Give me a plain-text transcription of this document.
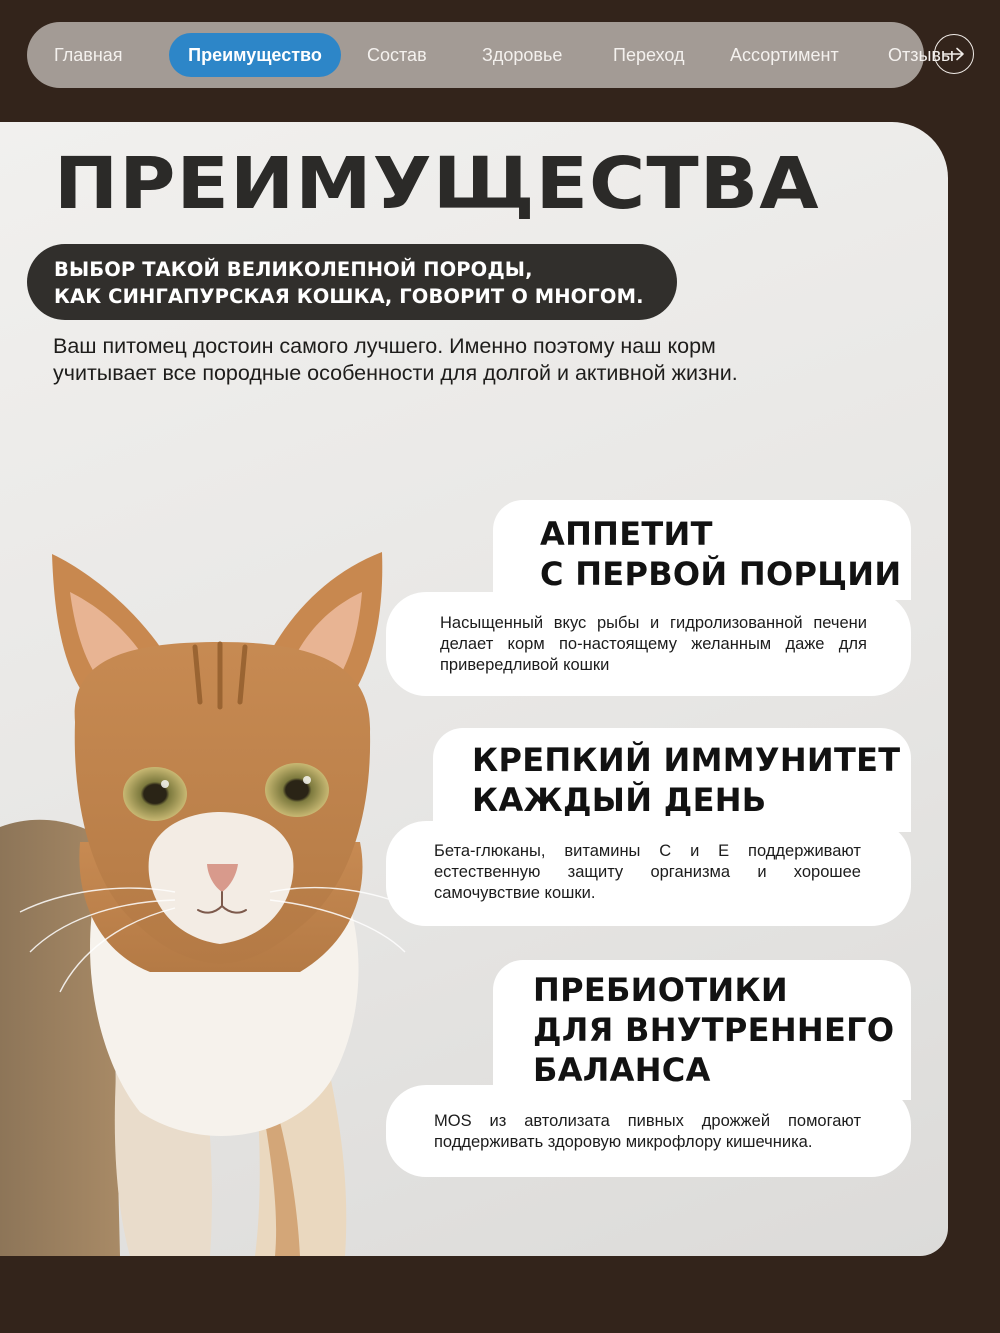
Главная	Преимущество	Состав	Здоровье	Переход	Ассортимент	Отзывы
ПРЕИМУЩЕСТВА
ВЫБОР ТАКОЙ ВЕЛИКОЛЕПНОЙ ПОРОДЫ,
КАК СИНГАПУРСКАЯ КОШКА, ГОВОРИТ О МНОГОМ.

Ваш питомец достоин самого лучшего. Именно поэтому наш корм
учитывает все породные особенности для долгой и активной жизни.

АППЕТИТ
С ПЕРВОЙ ПОРЦИИ

Насыщенный вкус рыбы и гидролизованной печени делает корм по-настоящему желанным даже для привередливой кошки

КРЕПКИЙ ИММУНИТЕТ
КАЖДЫЙ ДЕНЬ

Бета-глюканы, витамины С и Е поддерживают естественную защиту организма и хорошее самочувствие кошки.

ПРЕБИОТИКИ
ДЛЯ ВНУТРЕННЕГО
БАЛАНСА

MOS из автолизата пивных дрожжей помогают поддерживать здоровую микрофлору кишечника.
